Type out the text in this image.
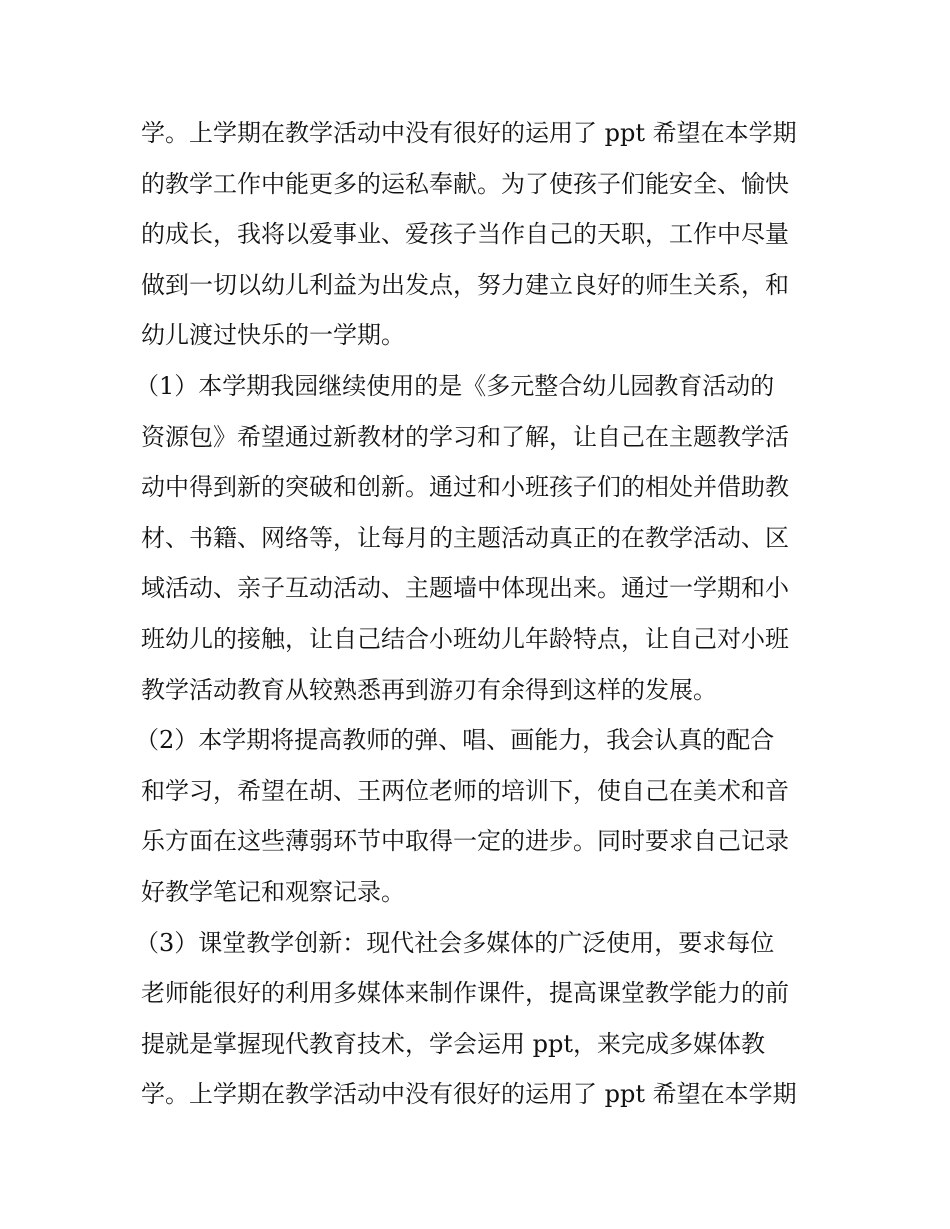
学。上学期在教学活动中没有很好的运用了 ppt 希望在本学期
的教学工作中能更多的运私奉献。为了使孩子们能安全、愉快
的成长，我将以爱事业、爱孩子当作自己的天职，工作中尽量
做到一切以幼儿利益为出发点，努力建立良好的师生关系，和
幼儿渡过快乐的一学期。
（1）本学期我园继续使用的是《多元整合幼儿园教育活动的
资源包》希望通过新教材的学习和了解，让自己在主题教学活
动中得到新的突破和创新。通过和小班孩子们的相处并借助教
材、书籍、网络等，让每月的主题活动真正的在教学活动、区
域活动、亲子互动活动、主题墙中体现出来。通过一学期和小
班幼儿的接触，让自己结合小班幼儿年龄特点，让自己对小班
教学活动教育从较熟悉再到游刃有余得到这样的发展。
（2）本学期将提高教师的弹、唱、画能力，我会认真的配合
和学习，希望在胡、王两位老师的培训下，使自己在美术和音
乐方面在这些薄弱环节中取得一定的进步。同时要求自己记录
好教学笔记和观察记录。
（3）课堂教学创新：现代社会多媒体的广泛使用，要求每位
老师能很好的利用多媒体来制作课件，提高课堂教学能力的前
提就是掌握现代教育技术，学会运用 ppt，来完成多媒体教
学。上学期在教学活动中没有很好的运用了 ppt 希望在本学期
